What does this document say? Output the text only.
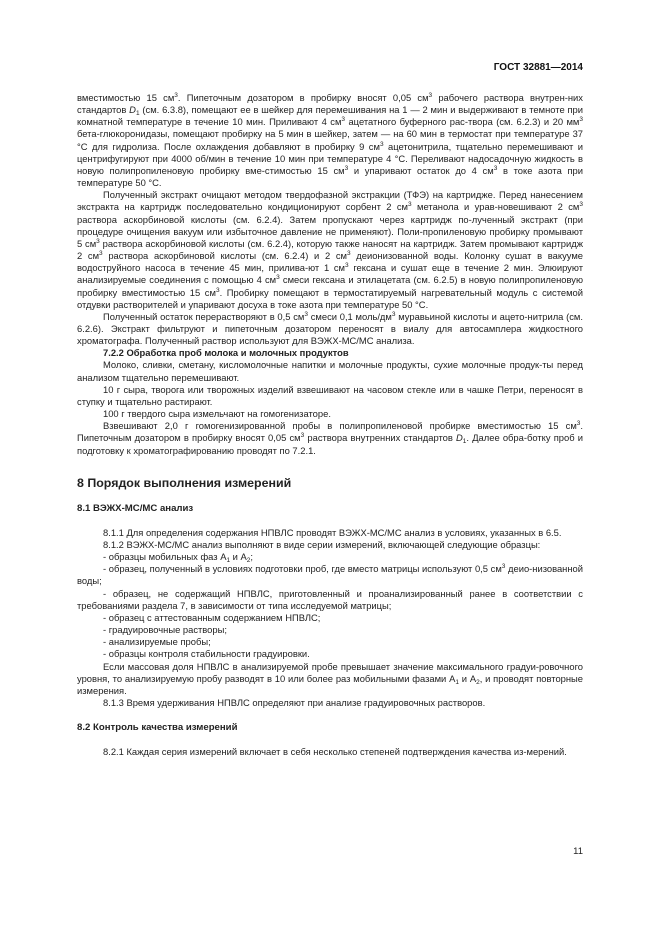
ГОСТ 32881—2014

вместимостью 15 $см^3$. Пипеточным дозатором в пробирку вносят 0,05 $см^3$ рабочего раствора внутрен-них стандартов $D_1$ (см. 6.3.8), помещают ее в шейкер для перемешивания на 1 — 2 мин и выдерживают в темноте при комнатной температуре в течение 10 мин. Приливают 4 $см^3$ ацетатного буферного рас-твора (см. 6.2.3) и 20 $мм^3$ бета-глюкоронидазы, помещают пробирку на 5 мин в шейкер, затем — на 60 мин в термостат при температуре 37 °С для гидролиза. После охлаждения добавляют в пробирку 9 $см^3$ ацетонитрила, тщательно перемешивают и центрифугируют при 4000 об/мин в течение 10 мин при температуре 4 °С. Переливают надосадочную жидкость в новую полипропиленовую пробирку вме-стимостью 15 $см^3$ и упаривают остаток до 4 $см^3$ в токе азота при температуре 50 °С.

Полученный экстракт очищают методом твердофазной экстракции (ТФЭ) на картридже. Перед нанесением экстракта на картридж последовательно кондиционируют сорбент 2 $см^3$ метанола и урав-новешивают 2 $см^3$ раствора аскорбиновой кислоты (см. 6.2.4). Затем пропускают через картридж по-лученный экстракт (при процедуре очищения вакуум или избыточное давление не применяют). Поли-пропиленовую пробирку промывают 5 $см^3$ раствора аскорбиновой кислоты (см. 6.2.4), которую также наносят на картридж. Затем промывают картридж 2 $см^3$ раствора аскорбиновой кислоты (см. 6.2.4) и 2 $см^3$ деионизованной воды. Колонку сушат в вакууме водоструйного насоса в течение 45 мин, прилива-ют 1 $см^3$ гексана и сушат еще в течение 2 мин. Элюируют анализируемые соединения с помощью 4 $см^3$ смеси гексана и этилацетата (см. 6.2.5) в новую полипропиленовую пробирку вместимостью 15 $см^3$. Пробирку помещают в термостатируемый нагревательный модуль с системой отдувки растворителей и упаривают досуха в токе азота при температуре 50 °С.

Полученный остаток перерастворяют в 0,5 $см^3$ смеси 0,1 моль/$дм^3$ муравьиной кислоты и ацето-нитрила (см. 6.2.6). Экстракт фильтруют и пипеточным дозатором переносят в виалу для автосамплера жидкостного хроматографа. Полученный раствор используют для ВЭЖХ-МС/МС анализа.

7.2.2 Обработка проб молока и молочных продуктов

Молоко, сливки, сметану, кисломолочные напитки и молочные продукты, сухие молочные продук-ты перед анализом тщательно перемешивают.

10 г сыра, творога или творожных изделий взвешивают на часовом стекле или в чашке Петри, переносят в ступку и тщательно растирают.

100 г твердого сыра измельчают на гомогенизаторе.

Взвешивают 2,0 г гомогенизированной пробы в полипропиленовой пробирке вместимостью 15 $см^3$. Пипеточным дозатором в пробирку вносят 0,05 $см^3$ раствора внутренних стандартов $D_1$. Далее обра-ботку проб и подготовку к хроматографированию проводят по 7.2.1.

8 Порядок выполнения измерений

8.1 ВЭЖХ-МС/МС анализ

8.1.1 Для определения содержания НПВЛС проводят ВЭЖХ-МС/МС анализ в условиях, указанных в 6.5.

8.1.2 ВЭЖХ-МС/МС анализ выполняют в виде серии измерений, включающей следующие образцы:

- образцы мобильных фаз $А_1$ и $А_2$;

- образец, полученный в условиях подготовки проб, где вместо матрицы используют 0,5 $см^3$ деио-низованной воды;

- образец, не содержащий НПВЛС, приготовленный и проанализированный ранее в соответствии с требованиями раздела 7, в зависимости от типа исследуемой матрицы;

- образец с аттестованным содержанием НПВЛС;

- градуировочные растворы;

- анализируемые пробы;

- образцы контроля стабильности градуировки.

Если массовая доля НПВЛС в анализируемой пробе превышает значение максимального градуи-ровочного уровня, то анализируемую пробу разводят в 10 или более раз мобильными фазами $А_1$ и $А_2$, и проводят повторные измерения.

8.1.3 Время удерживания НПВЛС определяют при анализе градуировочных растворов.

8.2 Контроль качества измерений

8.2.1 Каждая серия измерений включает в себя несколько степеней подтверждения качества из-мерений.

11
